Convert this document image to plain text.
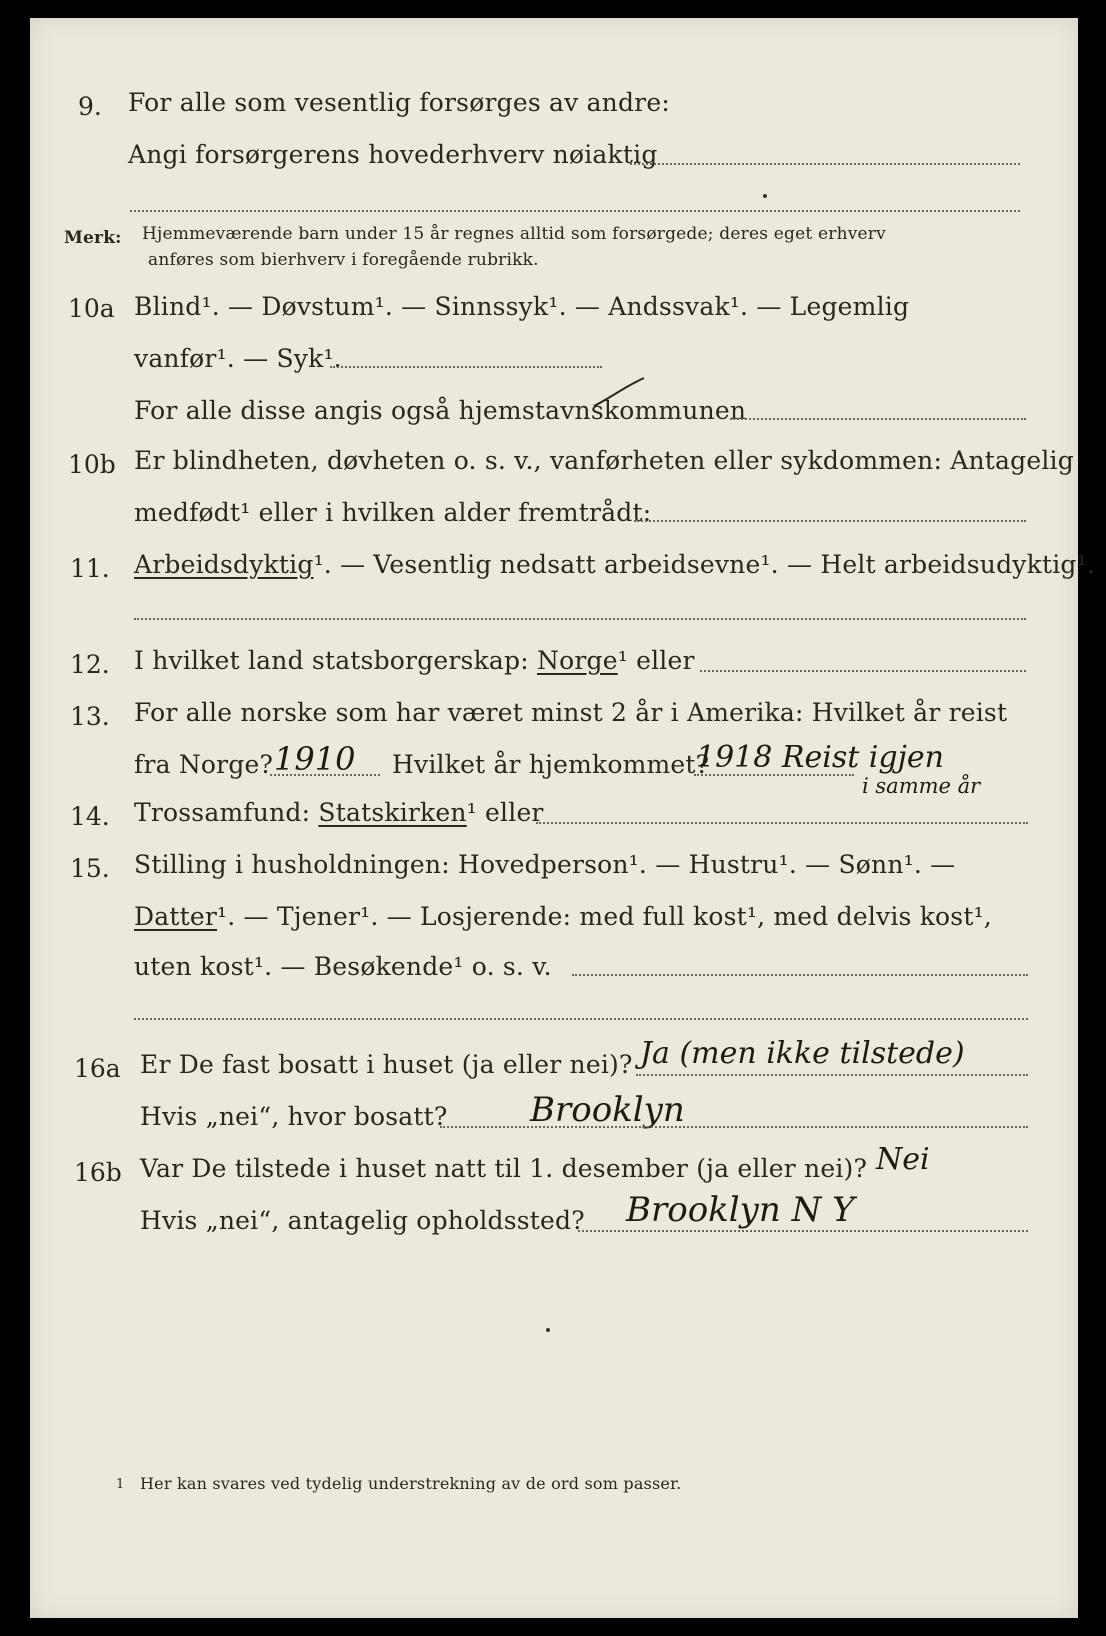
9. For alle som vesentlig forsørges av andre:
Angi forsørgerens hovederhverv nøiaktig
Merk: Hjemmeværende barn under 15 år regnes alltid som forsørgede; deres eget erhverv
anføres som bierhverv i foregående rubrikk.
10a Blind¹. — Døvstum¹. — Sinnssyk¹. — Andssvak¹. — Legemlig
vanfør¹. — Syk¹.
For alle disse angis også hjemstavnskommunen
10b Er blindheten, døvheten o. s. v., vanførheten eller sykdommen: Antagelig
medfødt¹ eller i hvilken alder fremtrådt:
11. Arbeidsdyktig¹. — Vesentlig nedsatt arbeidsevne¹. — Helt arbeidsudyktig¹.
12. I hvilket land statsborgerskap: Norge¹ eller
13. For alle norske som har været minst 2 år i Amerika: Hvilket år reist
fra Norge? 1910 Hvilket år hjemkommet?
1918 Reist igjen
i samme år
14. Trossamfund: Statskirken¹ eller
15. Stilling i husholdningen: Hovedperson¹. — Hustru¹. — Sønn¹. —
Datter¹. — Tjener¹. — Losjerende: med full kost¹, med delvis kost¹,
uten kost¹. — Besøkende¹ o. s. v.
16a Er De fast bosatt i huset (ja eller nei)? Ja (men ikke tilstede)
Hvis „nei“, hvor bosatt? Brooklyn
16b Var De tilstede i huset natt til 1. desember (ja eller nei)? Nei
Hvis „nei“, antagelig opholdssted? Brooklyn N Y
1 Her kan svares ved tydelig understrekning av de ord som passer.
